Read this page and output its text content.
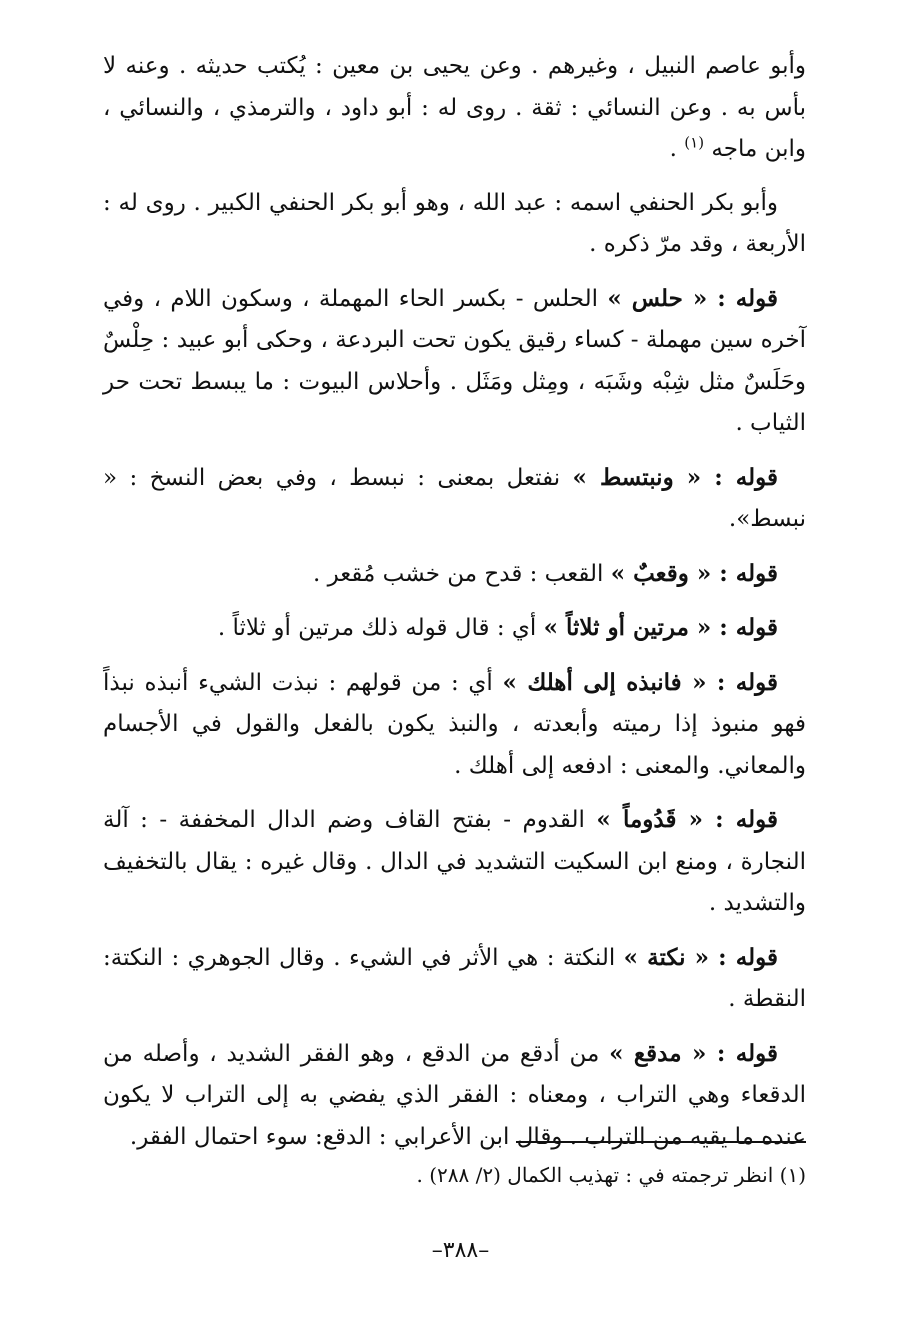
وأبو عاصم النبيل ، وغيرهم . وعن يحيى بن معين : يُكتب حديثه . وعنه لا بأس به . وعن النسائي : ثقة . روى له : أبو داود ، والترمذي ، والنسائي ، وابن ماجه $^{(١)}$ .

وأبو بكر الحنفي اسمه : عبد الله ، وهو أبو بكر الحنفي الكبير . روى له : الأربعة ، وقد مرّ ذكره .

قوله : « حلس » الحلس - بكسر الحاء المهملة ، وسكون اللام ، وفي آخره سين مهملة - كساء رقيق يكون تحت البردعة ، وحكى أبو عبيد : حِلْسٌ وحَلَسٌ مثل شِبْه وشَبَه ، ومِثل ومَثَل . وأحلاس البيوت : ما يبسط تحت حر الثياب .

قوله : « ونبتسط » نفتعل بمعنى : نبسط ، وفي بعض النسخ : « نبسط».

قوله : « وقعبٌ » القعب : قدح من خشب مُقعر .

قوله : « مرتين أو ثلاثاً » أي : قال قوله ذلك مرتين أو ثلاثاً .

قوله : « فانبذه إلى أهلك » أي : من قولهم : نبذت الشيء أنبذه نبذاً فهو منبوذ إذا رميته وأبعدته ، والنبذ يكون بالفعل والقول في الأجسام والمعاني. والمعنى : ادفعه إلى أهلك .

قوله : « قَدُوماً » القدوم - بفتح القاف وضم الدال المخففة - : آلة النجارة ، ومنع ابن السكيت التشديد في الدال . وقال غيره : يقال بالتخفيف والتشديد .

قوله : « نكتة » النكتة : هي الأثر في الشيء . وقال الجوهري : النكتة: النقطة .

قوله : « مدقع » من أدقع من الدقع ، وهو الفقر الشديد ، وأصله من الدقعاء وهي التراب ، ومعناه : الفقر الذي يفضي به إلى التراب لا يكون عنده ما يقيه من التراب . وقال ابن الأعرابي : الدقع: سوء احتمال الفقر.

(١) انظر ترجمته في : تهذيب الكمال (٢/ ٢٨٨) .
–٣٨٨–
